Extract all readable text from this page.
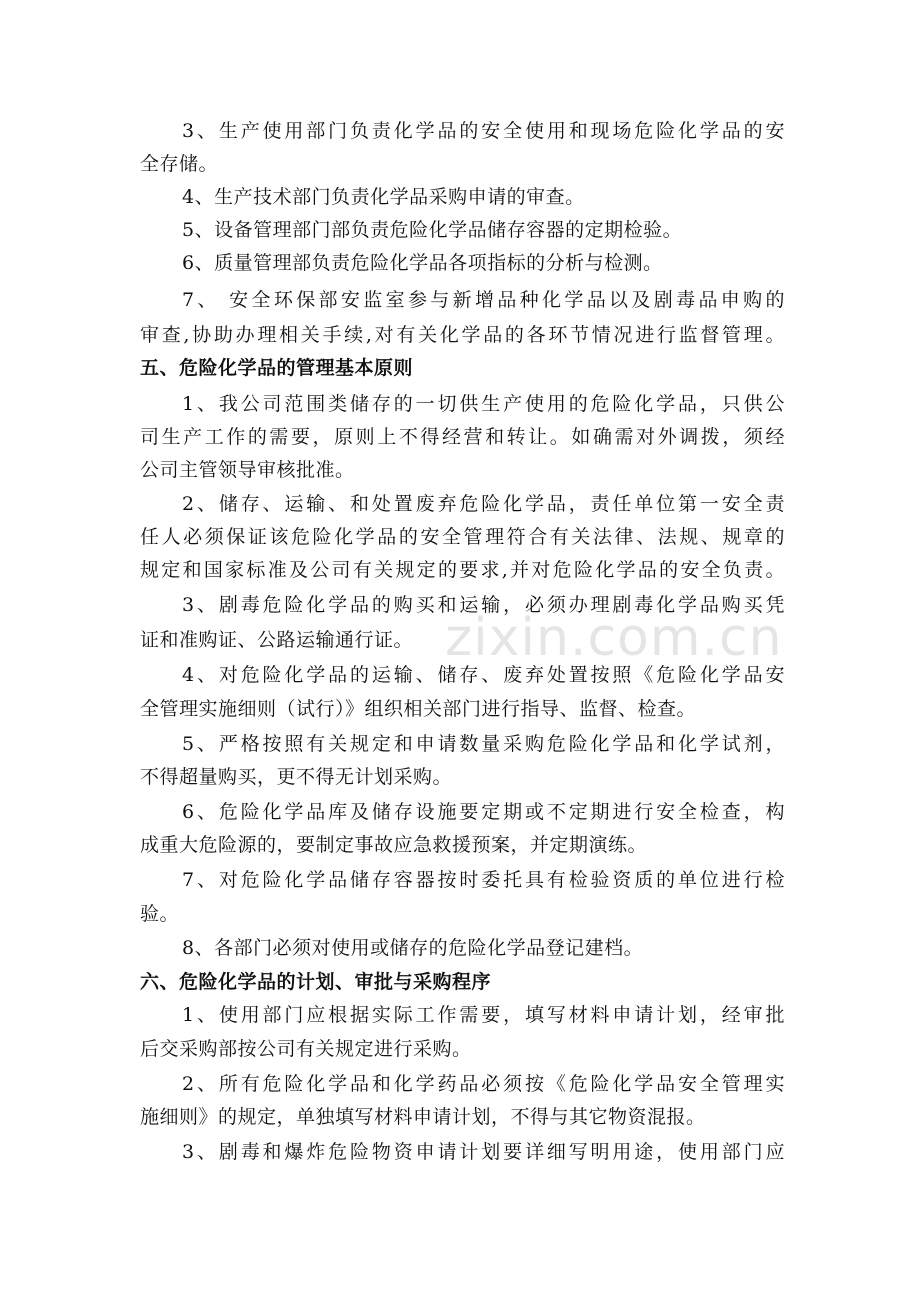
3、生产使用部门负责化学品的安全使用和现场危险化学品的安
全存储。
4、生产技术部门负责化学品采购申请的审查。
5、设备管理部门部负责危险化学品储存容器的定期检验。
6、质量管理部负责危险化学品各项指标的分析与检测。
7、 安全环保部安监室参与新增品种化学品以及剧毒品申购的
审查,协助办理相关手续,对有关化学品的各环节情况进行监督管理。
五、危险化学品的管理基本原则
1、我公司范围类储存的一切供生产使用的危险化学品，只供公
司生产工作的需要，原则上不得经营和转让。如确需对外调拨，须经
公司主管领导审核批准。
2、储存、运输、和处置废弃危险化学品，责任单位第一安全责
任人必须保证该危险化学品的安全管理符合有关法律、法规、规章的
规定和国家标准及公司有关规定的要求,并对危险化学品的安全负责。
3、剧毒危险化学品的购买和运输，必须办理剧毒化学品购买凭
证和准购证、公路运输通行证。
4、对危险化学品的运输、储存、废弃处置按照《危险化学品安
全管理实施细则（试行）》组织相关部门进行指导、监督、检查。
5、严格按照有关规定和申请数量采购危险化学品和化学试剂，
不得超量购买，更不得无计划采购。
6、危险化学品库及储存设施要定期或不定期进行安全检查，构
成重大危险源的，要制定事故应急救援预案，并定期演练。
7、对危险化学品储存容器按时委托具有检验资质的单位进行检
验。
8、各部门必须对使用或储存的危险化学品登记建档。
六、危险化学品的计划、审批与采购程序
1、使用部门应根据实际工作需要，填写材料申请计划，经审批
后交采购部按公司有关规定进行采购。
2、所有危险化学品和化学药品必须按《危险化学品安全管理实
施细则》的规定，单独填写材料申请计划，不得与其它物资混报。
3、剧毒和爆炸危险物资申请计划要详细写明用途，使用部门应
zixin.com.cn
